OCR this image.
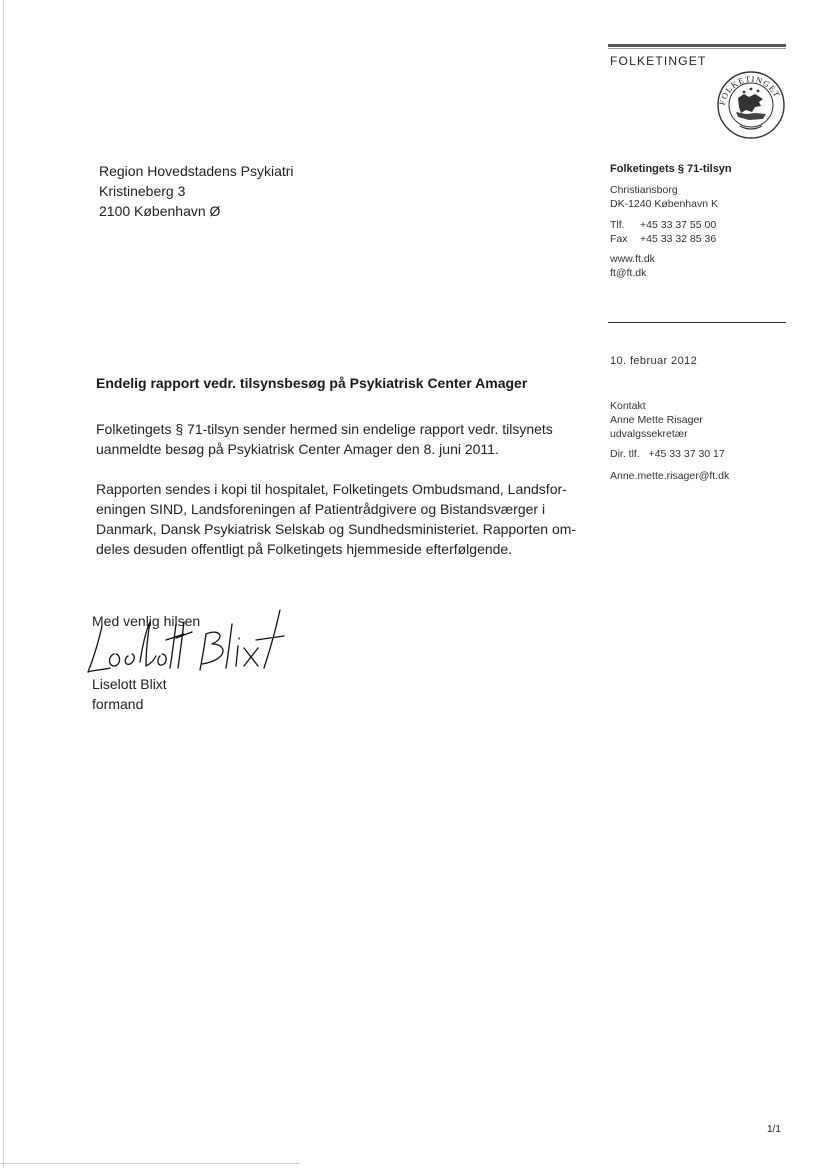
FOLKETINGET
FOLKETINGET
Region Hovedstadens Psykiatri
Kristineberg 3
2100 København Ø
Folketingets § 71-tilsyn
Christiansborg
DK-1240 København K
Tlf. +45 33 37 55 00
Fax +45 33 32 85 36
www.ft.dk
ft@ft.dk
10. februar 2012
Kontakt
Anne Mette Risager
udvalgssekretær
Dir. tlf. +45 33 37 30 17
Anne.mette.risager@ft.dk
Endelig rapport vedr. tilsynsbesøg på Psykiatrisk Center Amager
Folketingets § 71-tilsyn sender hermed sin endelige rapport vedr. tilsynets
uanmeldte besøg på Psykiatrisk Center Amager den 8. juni 2011.
Rapporten sendes i kopi til hospitalet, Folketingets Ombudsmand, Landsfor-
eningen SIND, Landsforeningen af Patientrådgivere og Bistandsværger i
Danmark, Dansk Psykiatrisk Selskab og Sundhedsministeriet. Rapporten om-
deles desuden offentligt på Folketingets hjemmeside efterfølgende.
Med venlig hilsen
Liselott Blixt
formand
1/1
